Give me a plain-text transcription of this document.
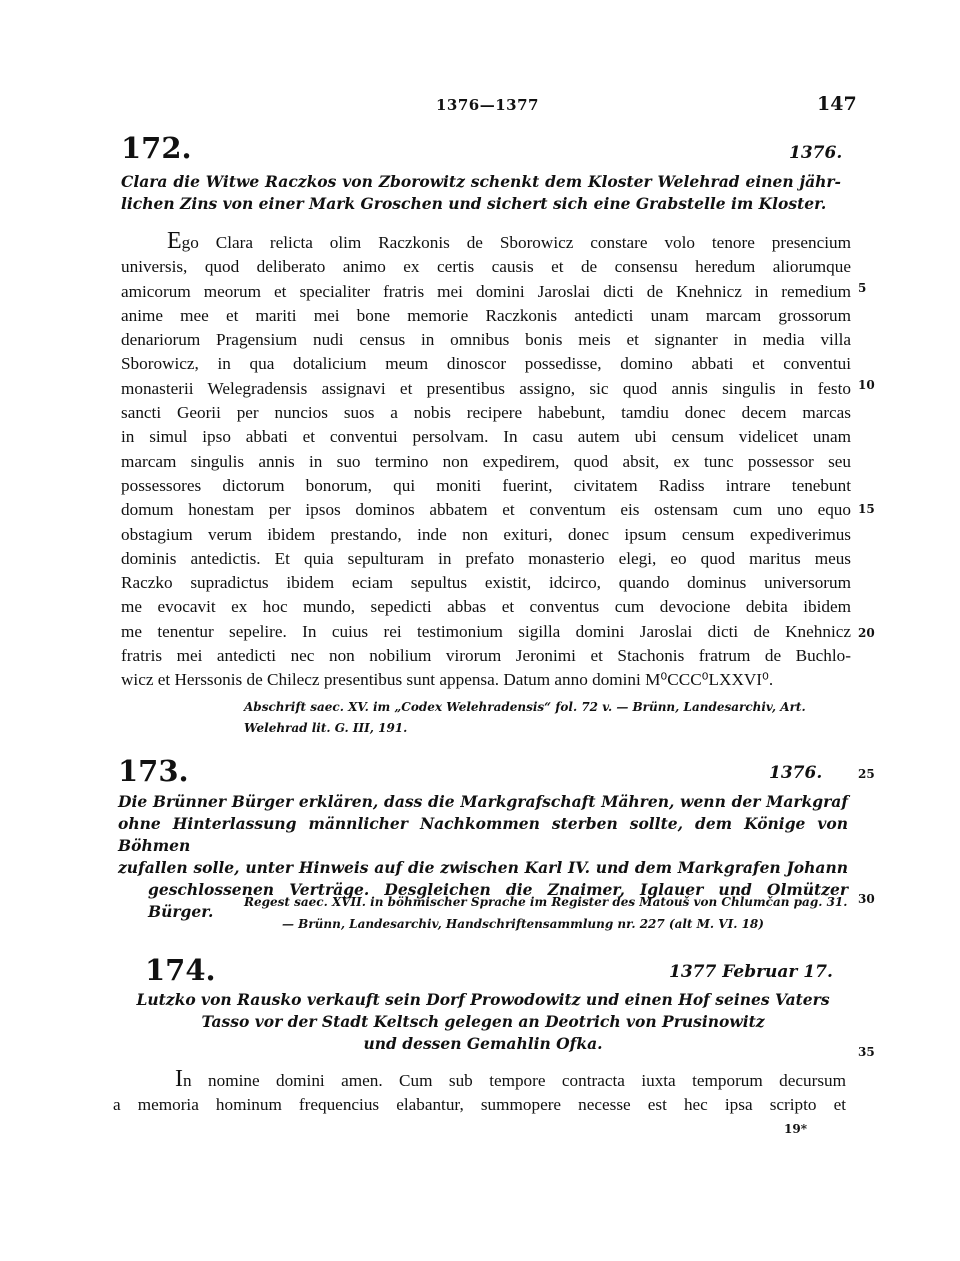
1376—1377	147
172.	1376.
Clara die Witwe Raczkos von Zborowitz schenkt dem Kloster Welehrad einen jähr-
lichen Zins von einer Mark Groschen und sichert sich eine Grabstelle im Kloster.
Ego Clara relicta olim Raczkonis de Sborowicz constare volo tenore presencium
universis, quod deliberato animo ex certis causis et de consensu heredum aliorumque
amicorum meorum et specialiter fratris mei domini Jaroslai dicti de Knehnicz in remedium
anime mee et mariti mei bone memorie Raczkonis antedicti unam marcam grossorum
denariorum Pragensium nudi census in omnibus bonis meis et signanter in media villa
Sborowicz, in qua dotalicium meum dinoscor possedisse, domino abbati et conventui
monasterii Welegradensis assignavi et presentibus assigno, sic quod annis singulis in festo
sancti Georii per nuncios suos a nobis recipere habebunt, tamdiu donec decem marcas
in simul ipso abbati et conventui persolvam. In casu autem ubi censum videlicet unam
marcam singulis annis in suo termino non expedirem, quod absit, ex tunc possessor seu
possessores dictorum bonorum, qui moniti fuerint, civitatem Radiss intrare tenebunt
domum honestam per ipsos dominos abbatem et conventum eis ostensam cum uno equo
obstagium verum ibidem prestando, inde non exituri, donec ipsum censum expediverimus
dominis antedictis. Et quia sepulturam in prefato monasterio elegi, eo quod maritus meus
Raczko supradictus ibidem eciam sepultus existit, idcirco, quando dominus universorum
me evocavit ex hoc mundo, sepedicti abbas et conventus cum devocione debita ibidem
me tenentur sepelire. In cuius rei testimonium sigilla domini Jaroslai dicti de Knehnicz
fratris mei antedicti nec non nobilium virorum Jeronimi et Stachonis fratrum de Buchlo-
wicz et Herssonis de Chilecz presentibus sunt appensa. Datum anno domini M⁰CCC⁰LXXVI⁰.
Abschrift saec. XV. im „Codex Welehradensis“ fol. 72 v. — Brünn, Landesarchiv, Art.
Welehrad lit. G. III, 191.
173.	1376.
Die Brünner Bürger erklären, dass die Markgrafschaft Mähren, wenn der Markgraf
ohne Hinterlassung männlicher Nachkommen sterben sollte, dem Könige von Böhmen
zufallen solle, unter Hinweis auf die zwischen Karl IV. und dem Markgrafen Johann
geschlossenen Verträge. Desgleichen die Znaimer, Iglauer und Olmützer Bürger.	Regest saec. XVII. in böhmischer Sprache im Register des Matouš von Chlumčan pag. 31.
— Brünn, Landesarchiv, Handschriftensammlung nr. 227 (alt M. VI. 18)
174.	1377 Februar 17.
Lutzko von Rausko verkauft sein Dorf Prowodowitz und einen Hof seines Vaters
Tasso vor der Stadt Keltsch gelegen an Deotrich von Prusinowitz
und dessen Gemahlin Ofka.
In nomine domini amen. Cum sub tempore contracta iuxta temporum decursum
a memoria hominum frequencius elabantur, summopere necesse est hec ipsa scripto et
5
10
15
20
25
30
35
19*
